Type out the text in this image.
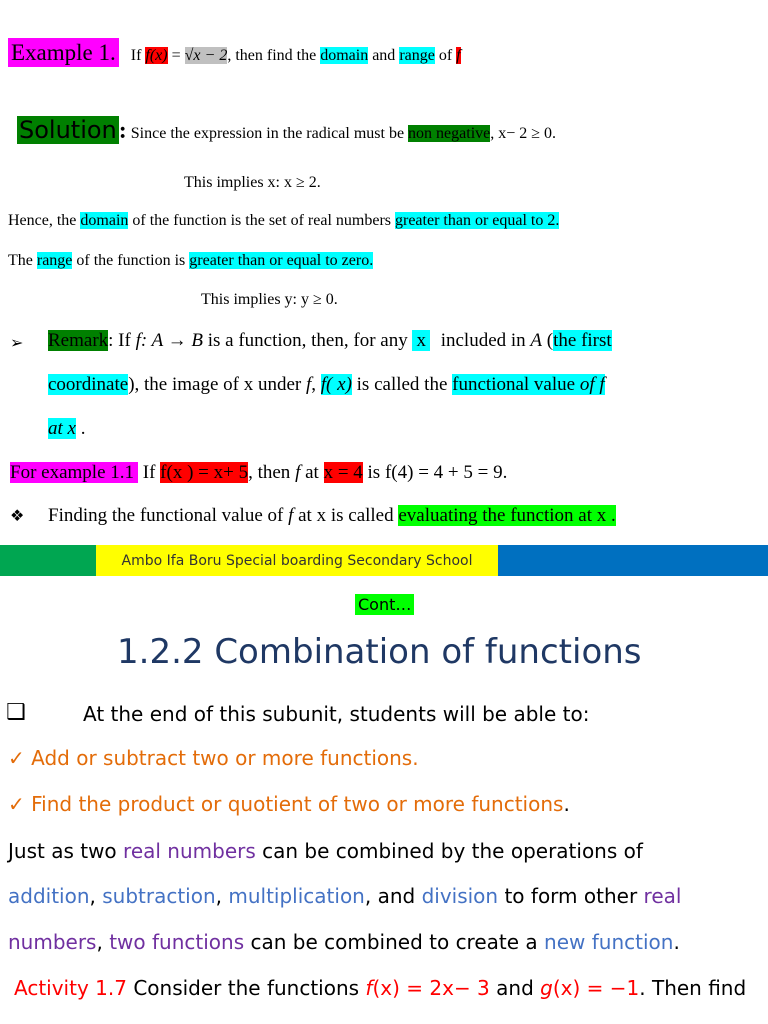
Example 1. If f(x) = √x − 2, then find the domain and range of f
Solution: Since the expression in the radical must be non negative, x− 2 ≥ 0.
This implies x: x ≥ 2.
Hence, the domain of the function is the set of real numbers greater than or equal to 2.
The range of the function is greater than or equal to zero.
This implies y: y ≥ 0.
➢ Remark: If f: A → B is a function, then, for any x included in A (the first
coordinate), the image of x under f, f( x) is called the functional value of f
at x .
For example 1.1 If f(x ) = x+ 5, then f at x = 4 is f(4) = 4 + 5 = 9.
❖ Finding the functional value of f at x is called evaluating the function at x .
Ambo Ifa Boru Special boarding Secondary School
Cont…
1.2.2 Combination of functions
❑	At the end of this subunit, students will be able to:
✓ Add or subtract two or more functions.
✓ Find the product or quotient of two or more functions.
Just as two real numbers can be combined by the operations of
addition, subtraction, multiplication, and division to form other real
numbers, two functions can be combined to create a new function.
Activity 1.7 Consider the functions f(x) = 2x− 3 and g(x) = −1. Then find
